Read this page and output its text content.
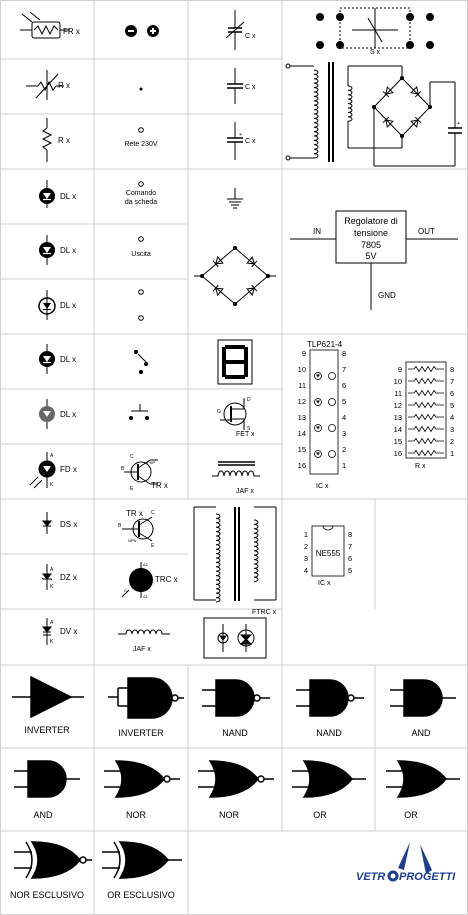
FR x
R x
R x
DL x
DL x
DL x
DL x
DL x
A
K
FD x
DS x
A
K
DZ x
A
K
DV x
Rete 230V
Comando
da scheda
Uscita
C
B
E
PNP
TR x
TR x
B
C
E
NPN
A2
A1
G
TRC x
JAF x
C x
C x
+
C x
G
D
S
FET x
JAF x
FTRC x
S x
+
Regolatore di
tensione
7805
5V
IN	OUT
GND
TLP621-4
9
10
11
12
13
14
15
16
8
7
6
5
4
3
2
1
IC x
9
10
11
12
13
14
15
16
8
7
6
5
4
3
2
1
R x
NE555
1
2
3
4
8
7
6
5
IC x
INVERTER	INVERTER	NAND	NAND	AND
AND	NOR	NOR	OR	OR
NOR ESCLUSIVO	OR ESCLUSIVO
VETR PROGETTI
